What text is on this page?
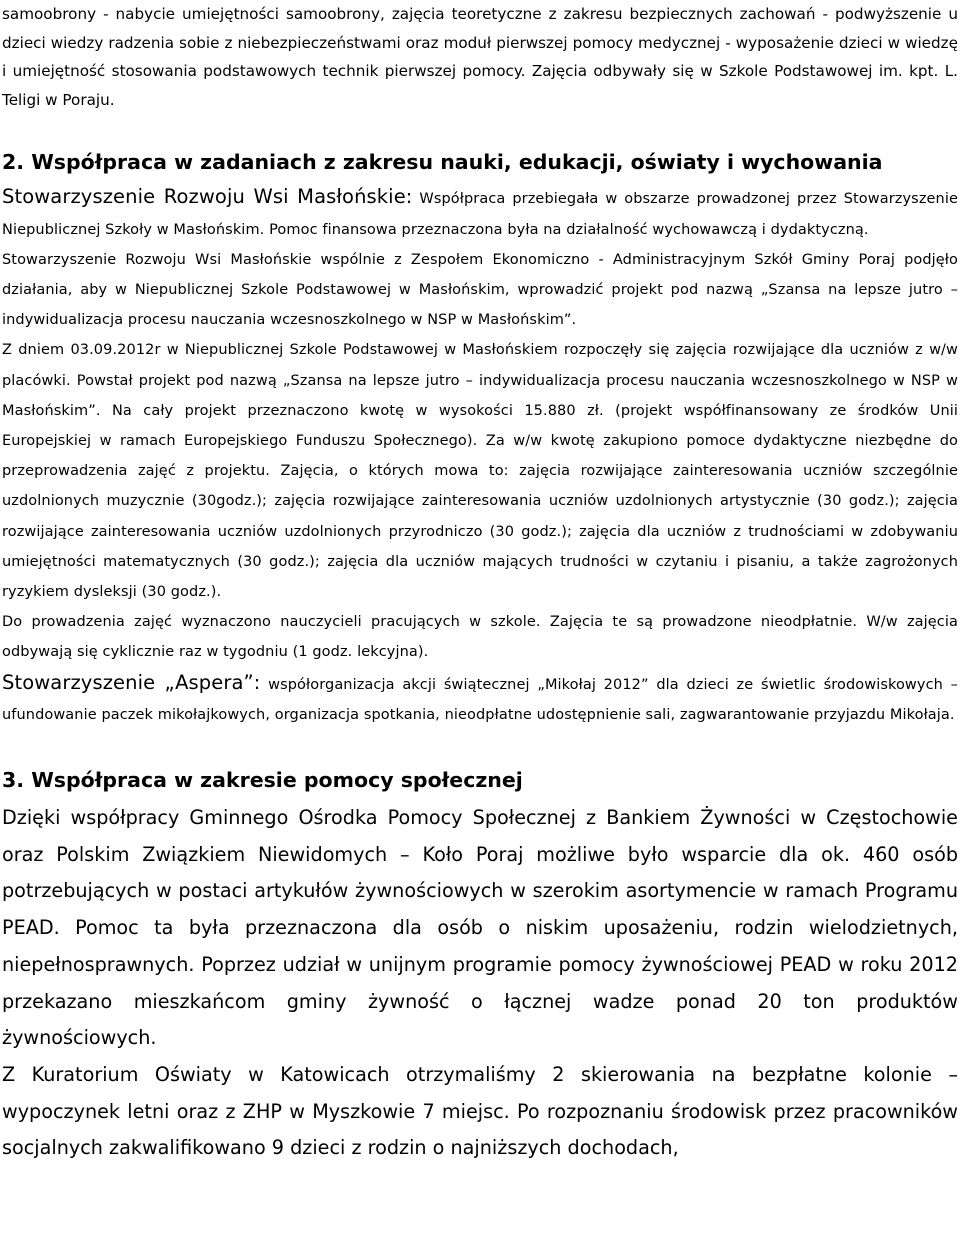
samoobrony - nabycie umiejętności samoobrony, zajęcia teoretyczne z zakresu bezpiecznych zachowań - podwyższenie u dzieci wiedzy radzenia sobie z niebezpieczeństwami oraz moduł pierwszej pomocy medycznej - wyposażenie dzieci w wiedzę i umiejętność stosowania podstawowych technik pierwszej pomocy. Zajęcia odbywały się w Szkole Podstawowej im. kpt. L. Teligi w Poraju.

2. Współpraca w zadaniach z zakresu nauki, edukacji, oświaty i wychowania

Stowarzyszenie Rozwoju Wsi Masłońskie: Współpraca przebiegała w obszarze prowadzonej przez Stowarzyszenie Niepublicznej Szkoły w Masłońskim. Pomoc finansowa przeznaczona była na działalność wychowawczą i dydaktyczną.

Stowarzyszenie Rozwoju Wsi Masłońskie wspólnie z Zespołem Ekonomiczno - Administracyjnym Szkół Gminy Poraj podjęło działania, aby w Niepublicznej Szkole Podstawowej w Masłońskim, wprowadzić projekt pod nazwą „Szansa na lepsze jutro – indywidualizacja procesu nauczania wczesnoszkolnego w NSP w Masłońskim”.

Z dniem 03.09.2012r w Niepublicznej Szkole Podstawowej w Masłońskiem rozpoczęły się zajęcia rozwijające dla uczniów z w/w placówki. Powstał projekt pod nazwą „Szansa na lepsze jutro – indywidualizacja procesu nauczania wczesnoszkolnego w NSP w Masłońskim”. Na cały projekt przeznaczono kwotę w wysokości 15.880 zł. (projekt współfinansowany ze środków Unii Europejskiej w ramach Europejskiego Funduszu Społecznego). Za w/w kwotę zakupiono pomoce dydaktyczne niezbędne do przeprowadzenia zajęć z projektu. Zajęcia, o których mowa to: zajęcia rozwijające zainteresowania uczniów szczególnie uzdolnionych muzycznie (30godz.); zajęcia rozwijające zainteresowania uczniów uzdolnionych artystycznie (30 godz.); zajęcia rozwijające zainteresowania uczniów uzdolnionych przyrodniczo (30 godz.); zajęcia dla uczniów z trudnościami w zdobywaniu umiejętności matematycznych (30 godz.); zajęcia dla uczniów mających trudności w czytaniu i pisaniu, a także zagrożonych ryzykiem dysleksji (30 godz.).

Do prowadzenia zajęć wyznaczono nauczycieli pracujących w szkole. Zajęcia te są prowadzone nieodpłatnie. W/w zajęcia odbywają się cyklicznie raz w tygodniu (1 godz. lekcyjna).

Stowarzyszenie „Aspera”: współorganizacja akcji świątecznej „Mikołaj 2012” dla dzieci ze świetlic środowiskowych – ufundowanie paczek mikołajkowych, organizacja spotkania, nieodpłatne udostępnienie sali, zagwarantowanie przyjazdu Mikołaja.

3. Współpraca w zakresie pomocy społecznej

Dzięki współpracy Gminnego Ośrodka Pomocy Społecznej z Bankiem Żywności w Częstochowie oraz Polskim Związkiem Niewidomych – Koło Poraj możliwe było wsparcie dla ok. 460 osób potrzebujących w postaci artykułów żywnościowych w szerokim asortymencie w ramach Programu PEAD. Pomoc ta była przeznaczona dla osób o niskim uposażeniu, rodzin wielodzietnych, niepełnosprawnych. Poprzez udział w unijnym programie pomocy żywnościowej PEAD w roku 2012 przekazano mieszkańcom gminy żywność o łącznej wadze ponad 20 ton produktów żywnościowych.

Z Kuratorium Oświaty w Katowicach otrzymaliśmy 2 skierowania na bezpłatne kolonie – wypoczynek letni oraz z ZHP w Myszkowie 7 miejsc. Po rozpoznaniu środowisk przez pracowników socjalnych zakwalifikowano 9 dzieci z rodzin o najniższych dochodach,
